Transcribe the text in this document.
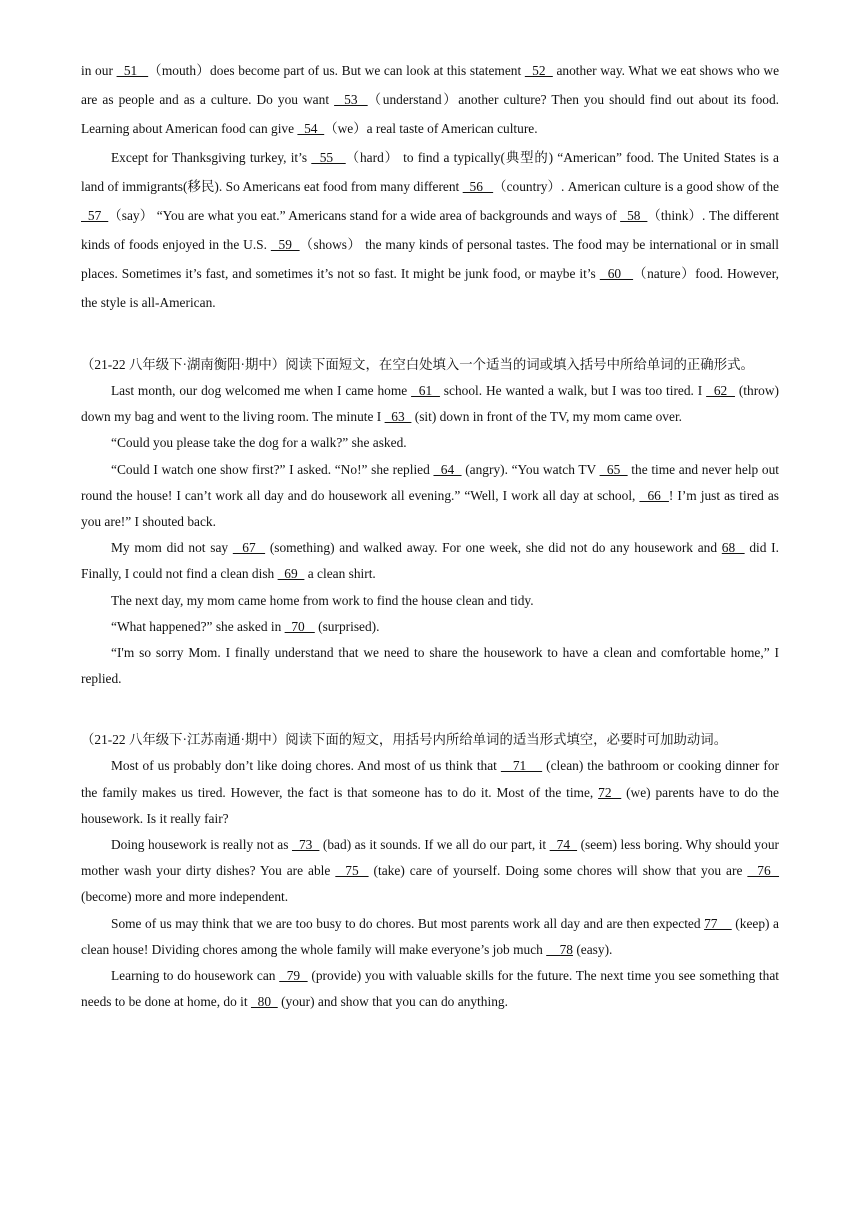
in our   51   （mouth）does become part of us. But we can look at this statement   52   another way. What we eat shows who we are as people and as a culture. Do you want   53  （understand）another culture? Then you should find out about its food. Learning about American food can give   54  （we）a real taste of American culture.

Except for Thanksgiving turkey, it’s   55   （hard） to find a typically(典型的) “American” food. The United States is a land of immigrants(移民). So Americans eat food from many different   56   （country）. American culture is a good show of the   57  （say） “You are what you eat.” Americans stand for a wide area of backgrounds and ways of   58  （think）. The different kinds of foods enjoyed in the U.S.   59  （shows） the many kinds of personal tastes. The food may be international or in small places. Sometimes it’s fast, and sometimes it’s not so fast. It might be junk food, or maybe it’s   60   （nature）food. However, the style is all-American.

（21-22 八年级下·湖南衡阳·期中）阅读下面短文，在空白处填入一个适当的词或填入括号中所给单词的正确形式。

Last month, our dog welcomed me when I came home   61   school. He wanted a walk, but I was too tired. I   62   (throw) down my bag and went to the living room. The minute I   63   (sit) down in front of the TV, my mom came over.

“Could you please take the dog for a walk?” she asked.

“Could I watch one show first?” I asked. “No!” she replied   64   (angry). “You watch TV   65   the time and never help out round the house! I can’t work all day and do housework all evening.” “Well, I work all day at school,   66  ! I’m just as tired as you are!” I shouted back.

My mom did not say   67   (something) and walked away. For one week, she did not do any housework and 68   did I. Finally, I could not find a clean dish   69   a clean shirt.

The next day, my mom came home from work to find the house clean and tidy.

“What happened?” she asked in   70    (surprised).

“I'm so sorry Mom. I finally understand that we need to share the housework to have a clean and comfortable home,” I replied.

（21-22 八年级下·江苏南通·期中）阅读下面的短文，用括号内所给单词的适当形式填空，必要时可加助动词。

Most of us probably don’t like doing chores. And most of us think that    71     (clean) the bathroom or cooking dinner for the family makes us tired. However, the fact is that someone has to do it. Most of the time, 72   (we) parents have to do the housework. Is it really fair?

Doing housework is really not as   73   (bad) as it sounds. If we all do our part, it   74   (seem) less boring. Why should your mother wash your dirty dishes? You are able   75   (take) care of yourself. Doing some chores will show that you are   76   (become) more and more independent.

Some of us may think that we are too busy to do chores. But most parents work all day and are then expected 77     (keep) a clean house! Dividing chores among the whole family will make everyone’s job much     78 (easy).

Learning to do housework can   79   (provide) you with valuable skills for the future. The next time you see something that needs to be done at home, do it   80   (your) and show that you can do anything.
